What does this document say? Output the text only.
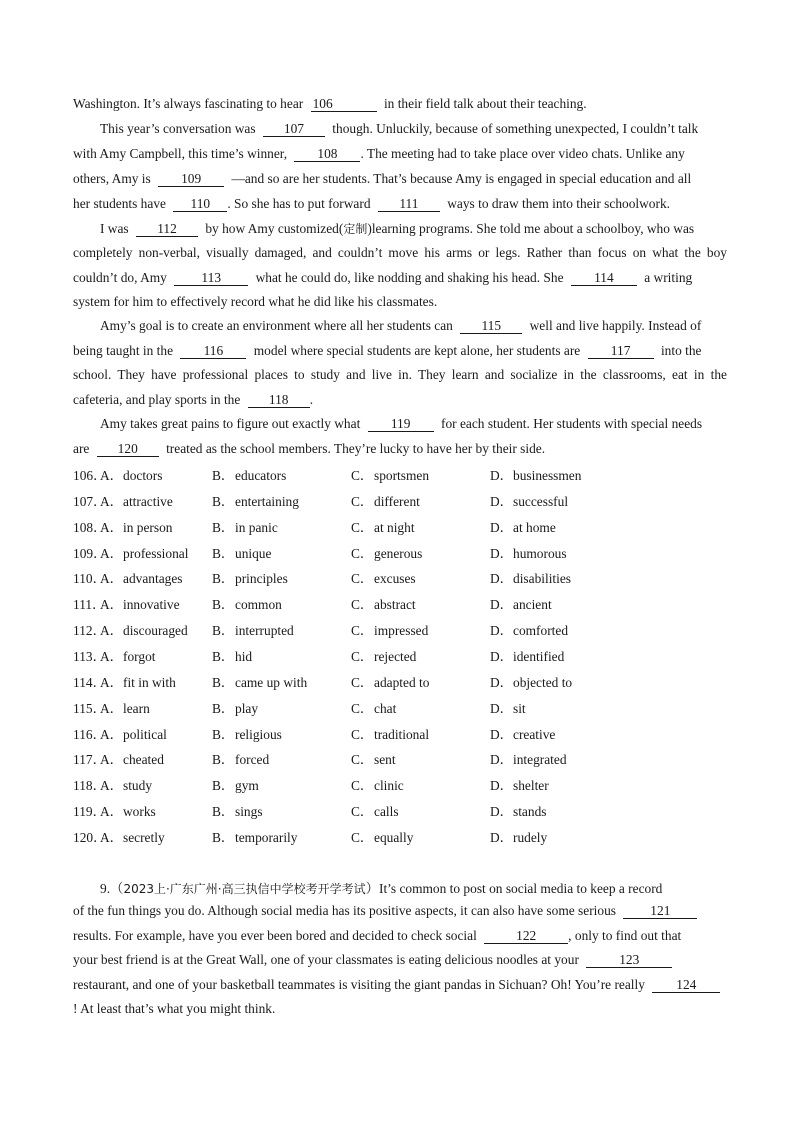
Washington. It’s always fascinating to hear 106	in their field talk about their teaching.
This year’s conversation was 107 though. Unluckily, because of something unexpected, I couldn’t talk
with Amy Campbell, this time’s winner, 108 . The meeting had to take place over video chats. Unlike any
others, Amy is 109 —and so are her students. That’s because Amy is engaged in special education and all
her students have 110 . So she has to put forward 111 ways to draw them into their schoolwork.
I was 112 by how Amy customized(定制)learning programs. She told me about a schoolboy, who was
completely non-verbal, visually damaged, and couldn’t move his arms or legs. Rather than focus on what the boy
couldn’t do, Amy	113	what he could do, like nodding and shaking his head. She 114 a writing
system for him to effectively record what he did like his classmates.
Amy’s goal is to create an environment where all her students can 115 well and live happily. Instead of
being taught in the 116 model where special students are kept alone, her students are 117 into the
school. They have professional places to study and live in. They learn and socialize in the classrooms, eat in the
cafeteria, and play sports in the 118 .
Amy takes great pains to figure out exactly what 119 for each student. Her students with special needs
are 120 treated as the school members. They’re lucky to have her by their side.
106．
A．doctors	B．educators	C．sportsmen	D．businessmen
107．
A．attractive	B．entertaining	C．different	D．successful
108．
A．in person	B．in panic	C．at night	D．at home
109．
A．professional B．unique	C．generous	D．humorous
110．
A．advantages B．principles	C．excuses	D．disabilities
111．
A．innovative B．common	C．abstract	D．ancient
112．
A．discouraged B．interrupted	C．impressed	D．comforted
113．
A．forgot	B．hid	C．rejected	D．identified
114．
A．fit in with	B．came up with	C．adapted to	D．objected to
115．
A．learn	B．play	C．chat	D．sit
116．
A．political	B．religious	C．traditional	D．creative
117．
A．cheated	B．forced	C．sent	D．integrated
118．
A．study	B．gym	C．clinic	D．shelter
119．
A．works	B．sings	C．calls	D．stands
120．
A．secretly	B．temporarily	C．equally	D．rudely
9.（2023上·广东广州·高三执信中学校考开学考试）It’s common to post on social media to keep a record
of the fun things you do. Although social media has its positive aspects, it can also have some serious	121
results. For example, have you ever been bored and decided to check social	122 , only to find out that
your best friend is at the Great Wall, one of your classmates is eating delicious noodles at your	123
restaurant, and one of your basketball teammates is visiting the giant pandas in Sichuan? Oh! You’re really 124
! At least that’s what you might think.
